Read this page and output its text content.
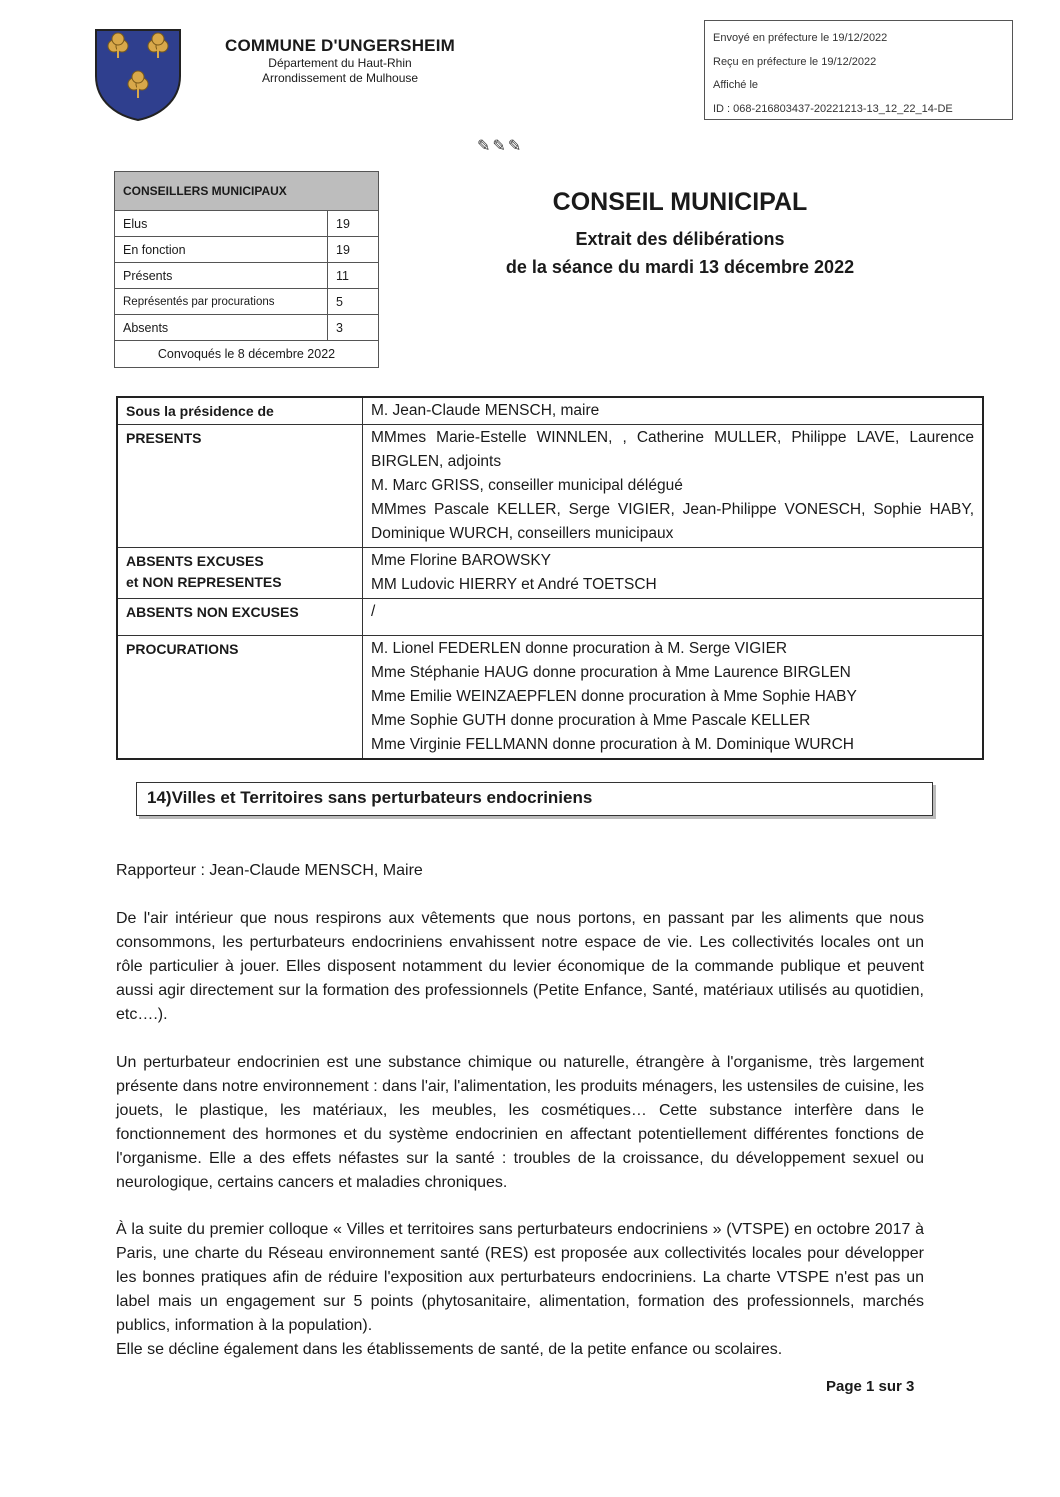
COMMUNE D'UNGERSHEIM
Département du Haut-Rhin
Arrondissement de Mulhouse
Envoyé en préfecture le 19/12/2022
Reçu en préfecture le 19/12/2022
Affiché le
ID : 068-216803437-20221213-13_12_22_14-DE
✎✎✎
CONSEILLERS MUNICIPAUX	
Elus	19
En fonction	19
Présents	11
Représentés par procurations	5
Absents	3
Convoqués le 8 décembre 2022	
CONSEIL MUNICIPAL
Extrait des délibérations
de la séance du mardi 13 décembre 2022
Sous la présidence de	M. Jean-Claude MENSCH, maire
PRESENTS	MMmes Marie-Estelle WINNLEN, , Catherine MULLER, Philippe LAVE, Laurence BIRGLEN, adjoints
M. Marc GRISS, conseiller municipal délégué
MMmes Pascale KELLER, Serge VIGIER, Jean-Philippe VONESCH, Sophie HABY, Dominique WURCH, conseillers municipaux

ABSENTS EXCUSES
et NON REPRESENTES	Mme Florine BAROWSKY
MM Ludovic HIERRY et André TOETSCH

ABSENTS NON EXCUSES	/
PROCURATIONS	M. Lionel FEDERLEN donne procuration à M. Serge VIGIER
Mme Stéphanie HAUG donne procuration à Mme Laurence BIRGLEN
Mme Emilie WEINZAEPFLEN donne procuration à Mme Sophie HABY
Mme Sophie GUTH donne procuration à Mme Pascale KELLER
Mme Virginie FELLMANN donne procuration à M. Dominique WURCH
14)Villes et Territoires sans perturbateurs endocriniens

Rapporteur : Jean-Claude MENSCH, Maire

De l'air intérieur que nous respirons aux vêtements que nous portons, en passant par les aliments que nous consommons, les perturbateurs endocriniens envahissent notre espace de vie. Les collectivités locales ont un rôle particulier à jouer. Elles disposent notamment du levier économique de la commande publique et peuvent aussi agir directement sur la formation des professionnels (Petite Enfance, Santé, matériaux utilisés au quotidien, etc….).

Un perturbateur endocrinien est une substance chimique ou naturelle, étrangère à l'organisme, très largement présente dans notre environnement : dans l'air, l'alimentation, les produits ménagers, les ustensiles de cuisine, les jouets, le plastique, les matériaux, les meubles, les cosmétiques… Cette substance interfère dans le fonctionnement des hormones et du système endocrinien en affectant potentiellement différentes fonctions de l'organisme. Elle a des effets néfastes sur la santé : troubles de la croissance, du développement sexuel ou neurologique, certains cancers et maladies chroniques.

À la suite du premier colloque « Villes et territoires sans perturbateurs endocriniens » (VTSPE) en octobre 2017 à Paris, une charte du Réseau environnement santé (RES) est proposée aux collectivités locales pour développer les bonnes pratiques afin de réduire l'exposition aux perturbateurs endocriniens. La charte VTSPE n'est pas un label mais un engagement sur 5 points (phytosanitaire, alimentation, formation des professionnels, marchés publics, information à la population).

Elle se décline également dans les établissements de santé, de la petite enfance ou scolaires.

Page 1 sur 3
